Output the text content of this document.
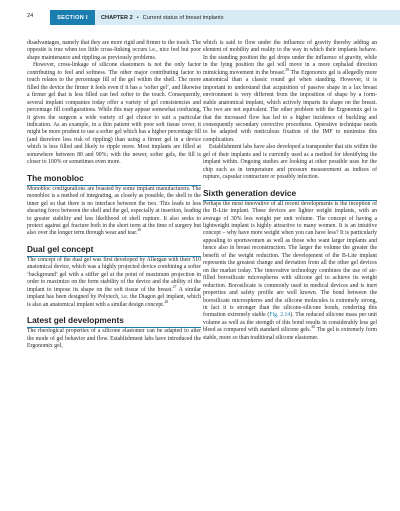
24	SECTION I	CHAPTER 2 • Current status of breast implants

disadvantages, namely that they are more rigid and firmer to the touch. The opposite is true when too little cross-linking occurs i.e., nice feel but poor shape maintenance and rippling as previously problems.

However, cross-linkage of silicone elastomers is not the only factor contributing to feel and softness. The other major contributing factor to touch relates to the percentage fill of the gel within the shell. The more filled the device the firmer it feels even if it has a ‘softer gel’, and likewise a firmer gel that is less filled can feel softer to the touch. Consequently, several implant companies today offer a variety of gel consistencies and percentage fill configurations. While this may appear somewhat confusing, it gives the surgeon a wide variety of gel choice to suit a particular indication. As an example, in a thin patient with poor soft tissue cover, it might be more prudent to use a softer gel which has a higher percentage fill (and therefore less risk of rippling) than using a firmer gel in a device which is less filled and likely to ripple more. Most implants are filled at somewhere between 80 and 90%; with the newer, softer gels, the fill is closer to 100% or sometimes even more.

The monobloc

Monobloc configurations are boasted by some implant manufacturers. The monobloc is a method of integrating, as closely as possible, the shell to the inner gel so that there is no interface between the two. This leads to less shearing force between the shell and the gel, especially at insertion, leading to greater stability and less likelihood of shell rupture. It also seeks to protect against gel fracture both in the short term at the time of surgery but also over the longer term through wear and tear.$^{26}$

Dual gel concept

The concept of the dual gel was first developed by Allergan with their 510 anatomical device, which was a highly projected device combining a softer ‘background’ gel with a stiffer gel at the point of maximum projection in order to maximize on the form stability of the device and the ability of the implant to impose its shape on the soft tissue of the breast.$^{27}$ A similar implant has been designed by Polytech, i.e. the Diagon gel implant, which is also an anatomical implant with a similar design concept.$^{28}$

Latest gel developments

The rheological properties of a silicone elastomer can be adapted to alter the mode of gel behavior and flow. Establishment labs have introduced the Ergonomix gel,

which is said to flow under the influence of gravity thereby adding an element of mobility and reality to the way in which their implants behave. In the standing position the gel drops under the influence of gravity, while in the lying position the gel will move in a more cephalad direction mimicking movement in the breast.$^{29}$ The Ergonomix gel is allegedly more anatomical than a classic round gel when standing. However, it is important to understand that acquisition of passive shape in a lax breast environment is very different from the imposition of shape by a form-stable anatomical implant, which actively imparts its shape on the breast. The two are not equivalent. The other problem with the Ergonomix gel is that the increased flow has led to a higher incidence of buckling and consequently secondary corrective procedures. Operative technique needs to be adapted with meticulous fixation of the IMF to minimize this complication.

Establishment labs have also developed a transponder that sits within the gel of their implants and is currently used as a method for identifying the implant within. Ongoing studies are looking at other possible uses for the chip such as in temperature and pressure measurement as indices of rupture, capsular contracture or possibly infection.

Sixth generation device

Perhaps the most innovative of all recent developments is the inception of the B-Lite implant. These devices are lighter weight implants, with an average of 30% less weight per unit volume. The concept of having a lightweight implant is highly attractive to many women. It is an intuitive concept – why have more weight when you can have less? It is particularly appealing to sportswomen as well as those who want larger implants and hence also in breast reconstruction. The larger the volume the greater the benefit of the weight reduction. The development of the B-Lite implant represents the greatest change and deviation from all the other gel devices on the market today. The innovative technology combines the use of air-filled borosilicate microspheres with silicone gel to achieve its weight reduction. Borosilicate is commonly used in medical devices and is inert properties and safety profile are well known. The bond between the borosilicate microspheres and the silicone molecules is extremely strong, in fact it is stronger than the silicone-silicone bonds, rendering this formation extremely stable (Fig. 2.14). The reduced silicone mass per unit volume as well as the strength of this bond results in considerably less gel bleed as compared with standard silicone gels.$^{30}$ The gel is extremely form stable, more so than traditional silicone elastomer.
